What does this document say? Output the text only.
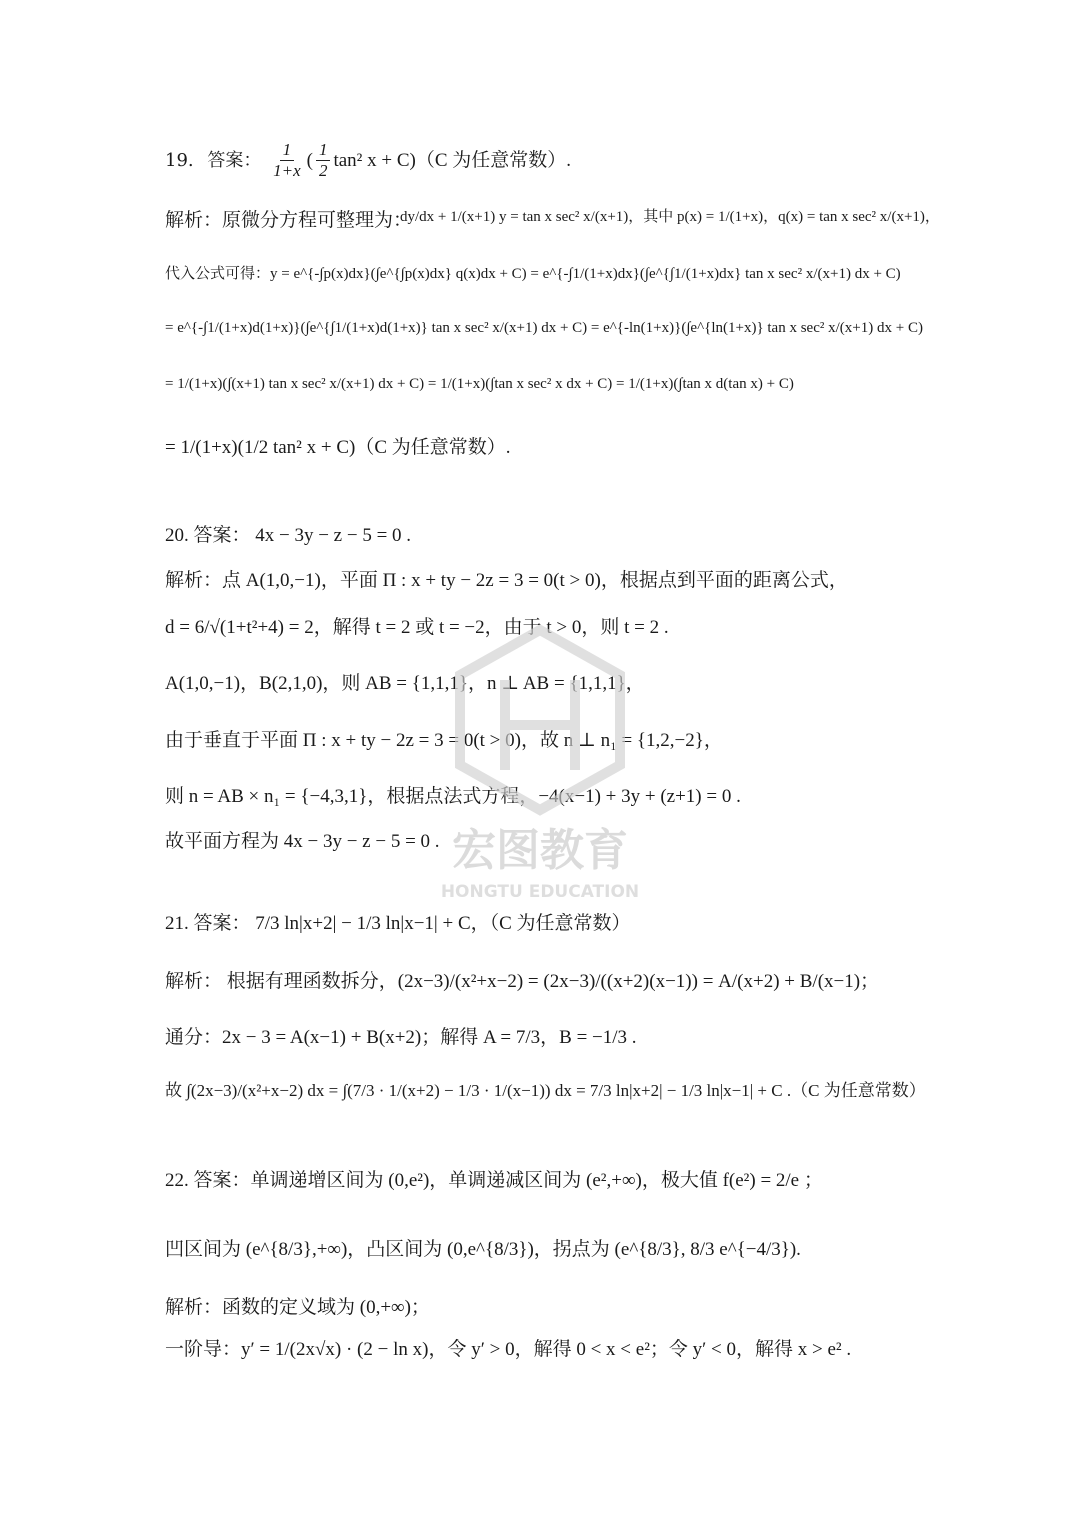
19. 答案： $\frac{1}{1+x}$ ( $\frac{1}{2} \tan^2$ x + C)（C 为任意常数）.
解析：原微分方程可整理为：
dy/dx + 1/(x+1) y = tan x sec² x/(x+1)，其中 p(x) = 1/(1+x)，q(x) = tan x sec² x/(x+1)，
代入公式可得：y = e^{-∫p(x)dx}(∫e^{∫p(x)dx} q(x)dx + C) = e^{-∫1/(1+x)dx}(∫e^{∫1/(1+x)dx} tan x sec² x/(x+1) dx + C)
= e^{-∫1/(1+x)d(1+x)}(∫e^{∫1/(1+x)d(1+x)} tan x sec² x/(x+1) dx + C) = e^{-ln(1+x)}(∫e^{ln(1+x)} tan x sec² x/(x+1) dx + C)
= 1/(1+x)(∫(x+1) tan x sec² x/(x+1) dx + C) = 1/(1+x)(∫tan x sec² x dx + C) = 1/(1+x)(∫tan x d(tan x) + C)
= 1/(1+x)(1/2 tan² x + C)（C 为任意常数）.
20. 答案： 4x − 3y − z − 5 = 0 .
解析：点 A(1,0,−1)，平面 Π : x + ty − 2z = 3 = 0(t > 0)，根据点到平面的距离公式，
d = 6/√(1+t²+4) = 2，解得 t = 2 或 t = −2，由于 t > 0，则 t = 2 .
A(1,0,−1)，B(2,1,0)，则 AB = {1,1,1}，n ⊥ AB = {1,1,1}，
由于垂直于平面 Π : x + ty − 2z = 3 = 0(t > 0)，故 n ⊥ n₁ = {1,2,−2}，
则 n = AB × n₁ = {−4,3,1}，根据点法式方程，−4(x−1) + 3y + (z+1) = 0 .
故平面方程为 4x − 3y − z − 5 = 0 . 宏图教育
HONGTU EDUCATION
21. 答案： 7/3 ln|x+2| − 1/3 ln|x−1| + C，（C 为任意常数）
解析： 根据有理函数拆分，(2x−3)/(x²+x−2) = (2x−3)/((x+2)(x−1)) = A/(x+2) + B/(x−1)；
通分：2x − 3 = A(x−1) + B(x+2)；解得 A = 7/3，B = −1/3 .
故 ∫(2x−3)/(x²+x−2) dx = ∫(7/3 · 1/(x+2) − 1/3 · 1/(x−1)) dx = 7/3 ln|x+2| − 1/3 ln|x−1| + C .（C 为任意常数）
22. 答案：单调递增区间为 (0,e²)，单调递减区间为 (e²,+∞)，极大值 f(e²) = 2/e ；
凹区间为 (e^{8/3},+∞)，凸区间为 (0,e^{8/3})，拐点为 (e^{8/3}, 8/3 e^{−4/3}).
解析：函数的定义域为 (0,+∞)；
一阶导：y′ = 1/(2x√x) · (2 − ln x)，令 y′ > 0，解得 0 < x < e²；令 y′ < 0，解得 x > e² .
